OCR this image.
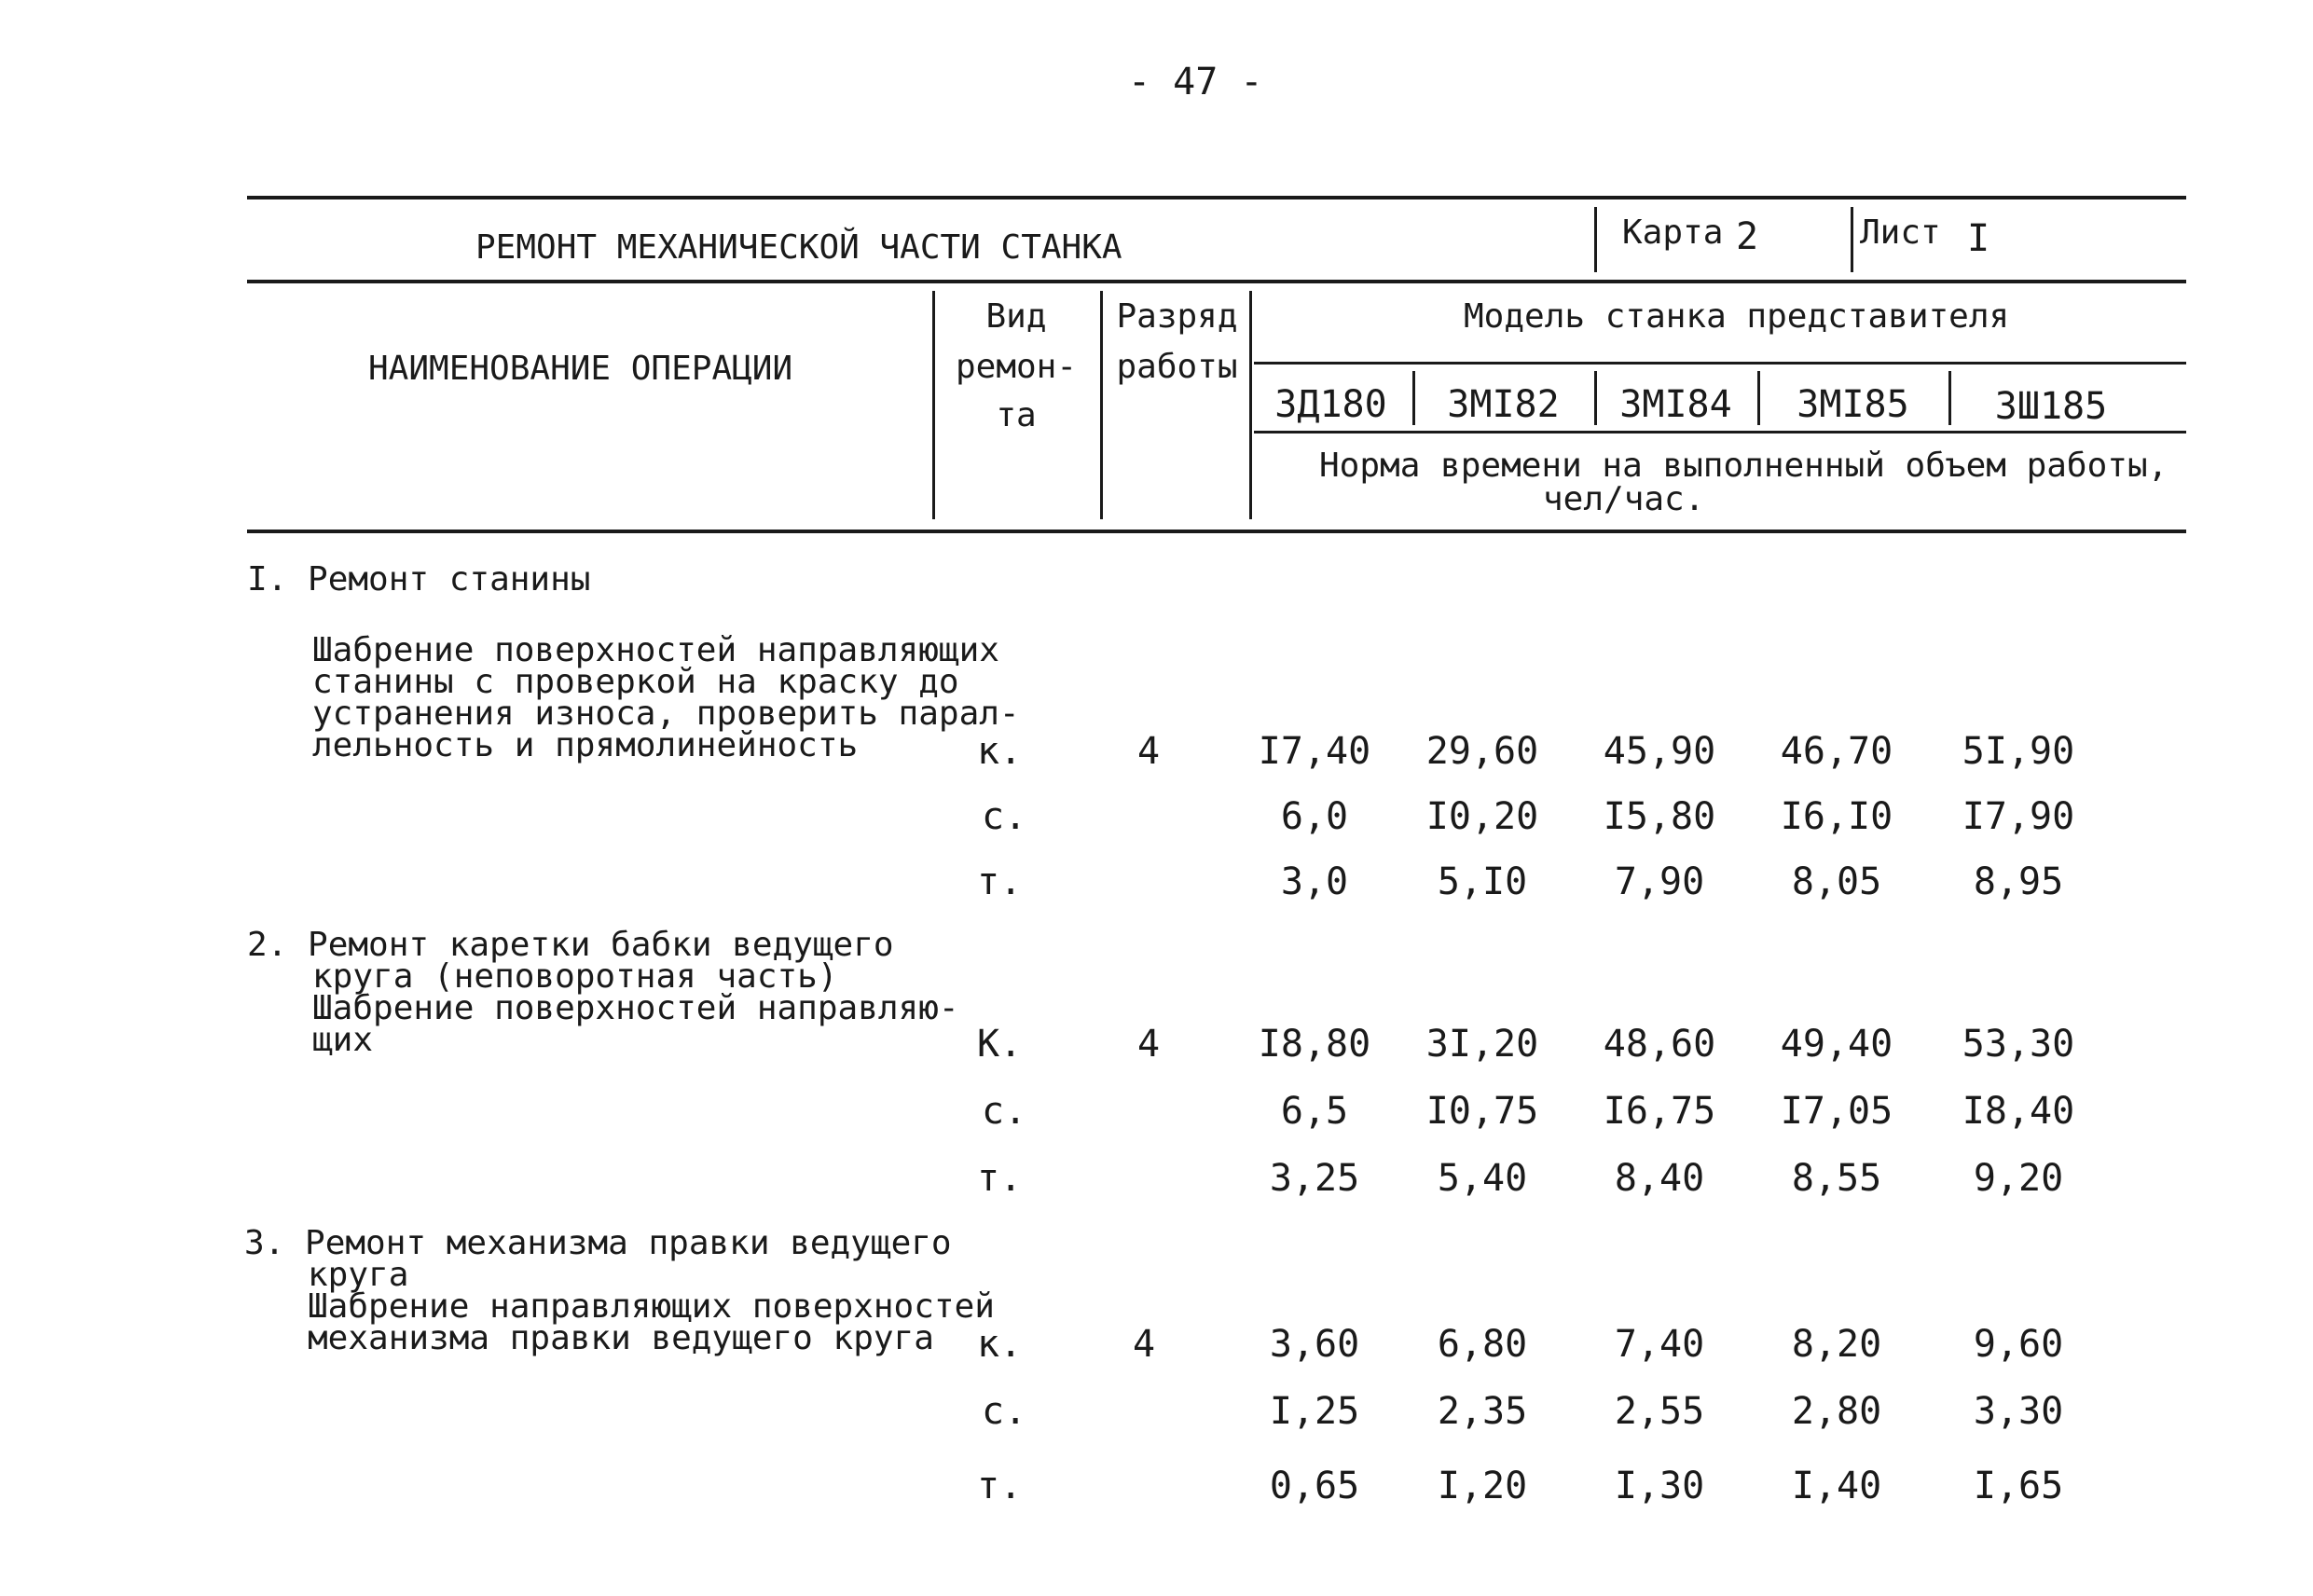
- 47 -
РЕМОНТ МЕХАНИЧЕСКОЙ ЧАСТИ СТАНКА	Карта 2	Лист I
НАИМЕНОВАНИЕ ОПЕРАЦИИ
Вид
ремон-
та
Разряд
работы
Модель станка представителя
3Д180	3МI82	3МI84	3МI85	3Ш185
Норма времени на выполненный объем работы,
чел/час.
I. Ремонт станины
Шабрение поверхностей направляющих
станины с проверкой на краску до
устранения износа, проверить парал-
лельность и прямолинейность	к.	4	I7,40	29,60	45,90	46,70	5I,90
с.	6,0	I0,20	I5,80	I6,I0	I7,90
т.	3,0	5,I0	7,90	8,05	8,95
2. Ремонт каретки бабки ведущего
круга (неповоротная часть)
Шабрение поверхностей направляю-
щих	К.	4	I8,80	3I,20	48,60	49,40	53,30
с.	6,5	I0,75	I6,75	I7,05	I8,40
т.	3,25	5,40	8,40	8,55	9,20
3. Ремонт механизма правки ведущего
круга
Шабрение направляющих поверхностей
механизма правки ведущего круга к.	4	3,60	6,80	7,40	8,20	9,60
с.	I,25	2,35	2,55	2,80	3,30
т.	0,65	I,20	I,30	I,40	I,65
